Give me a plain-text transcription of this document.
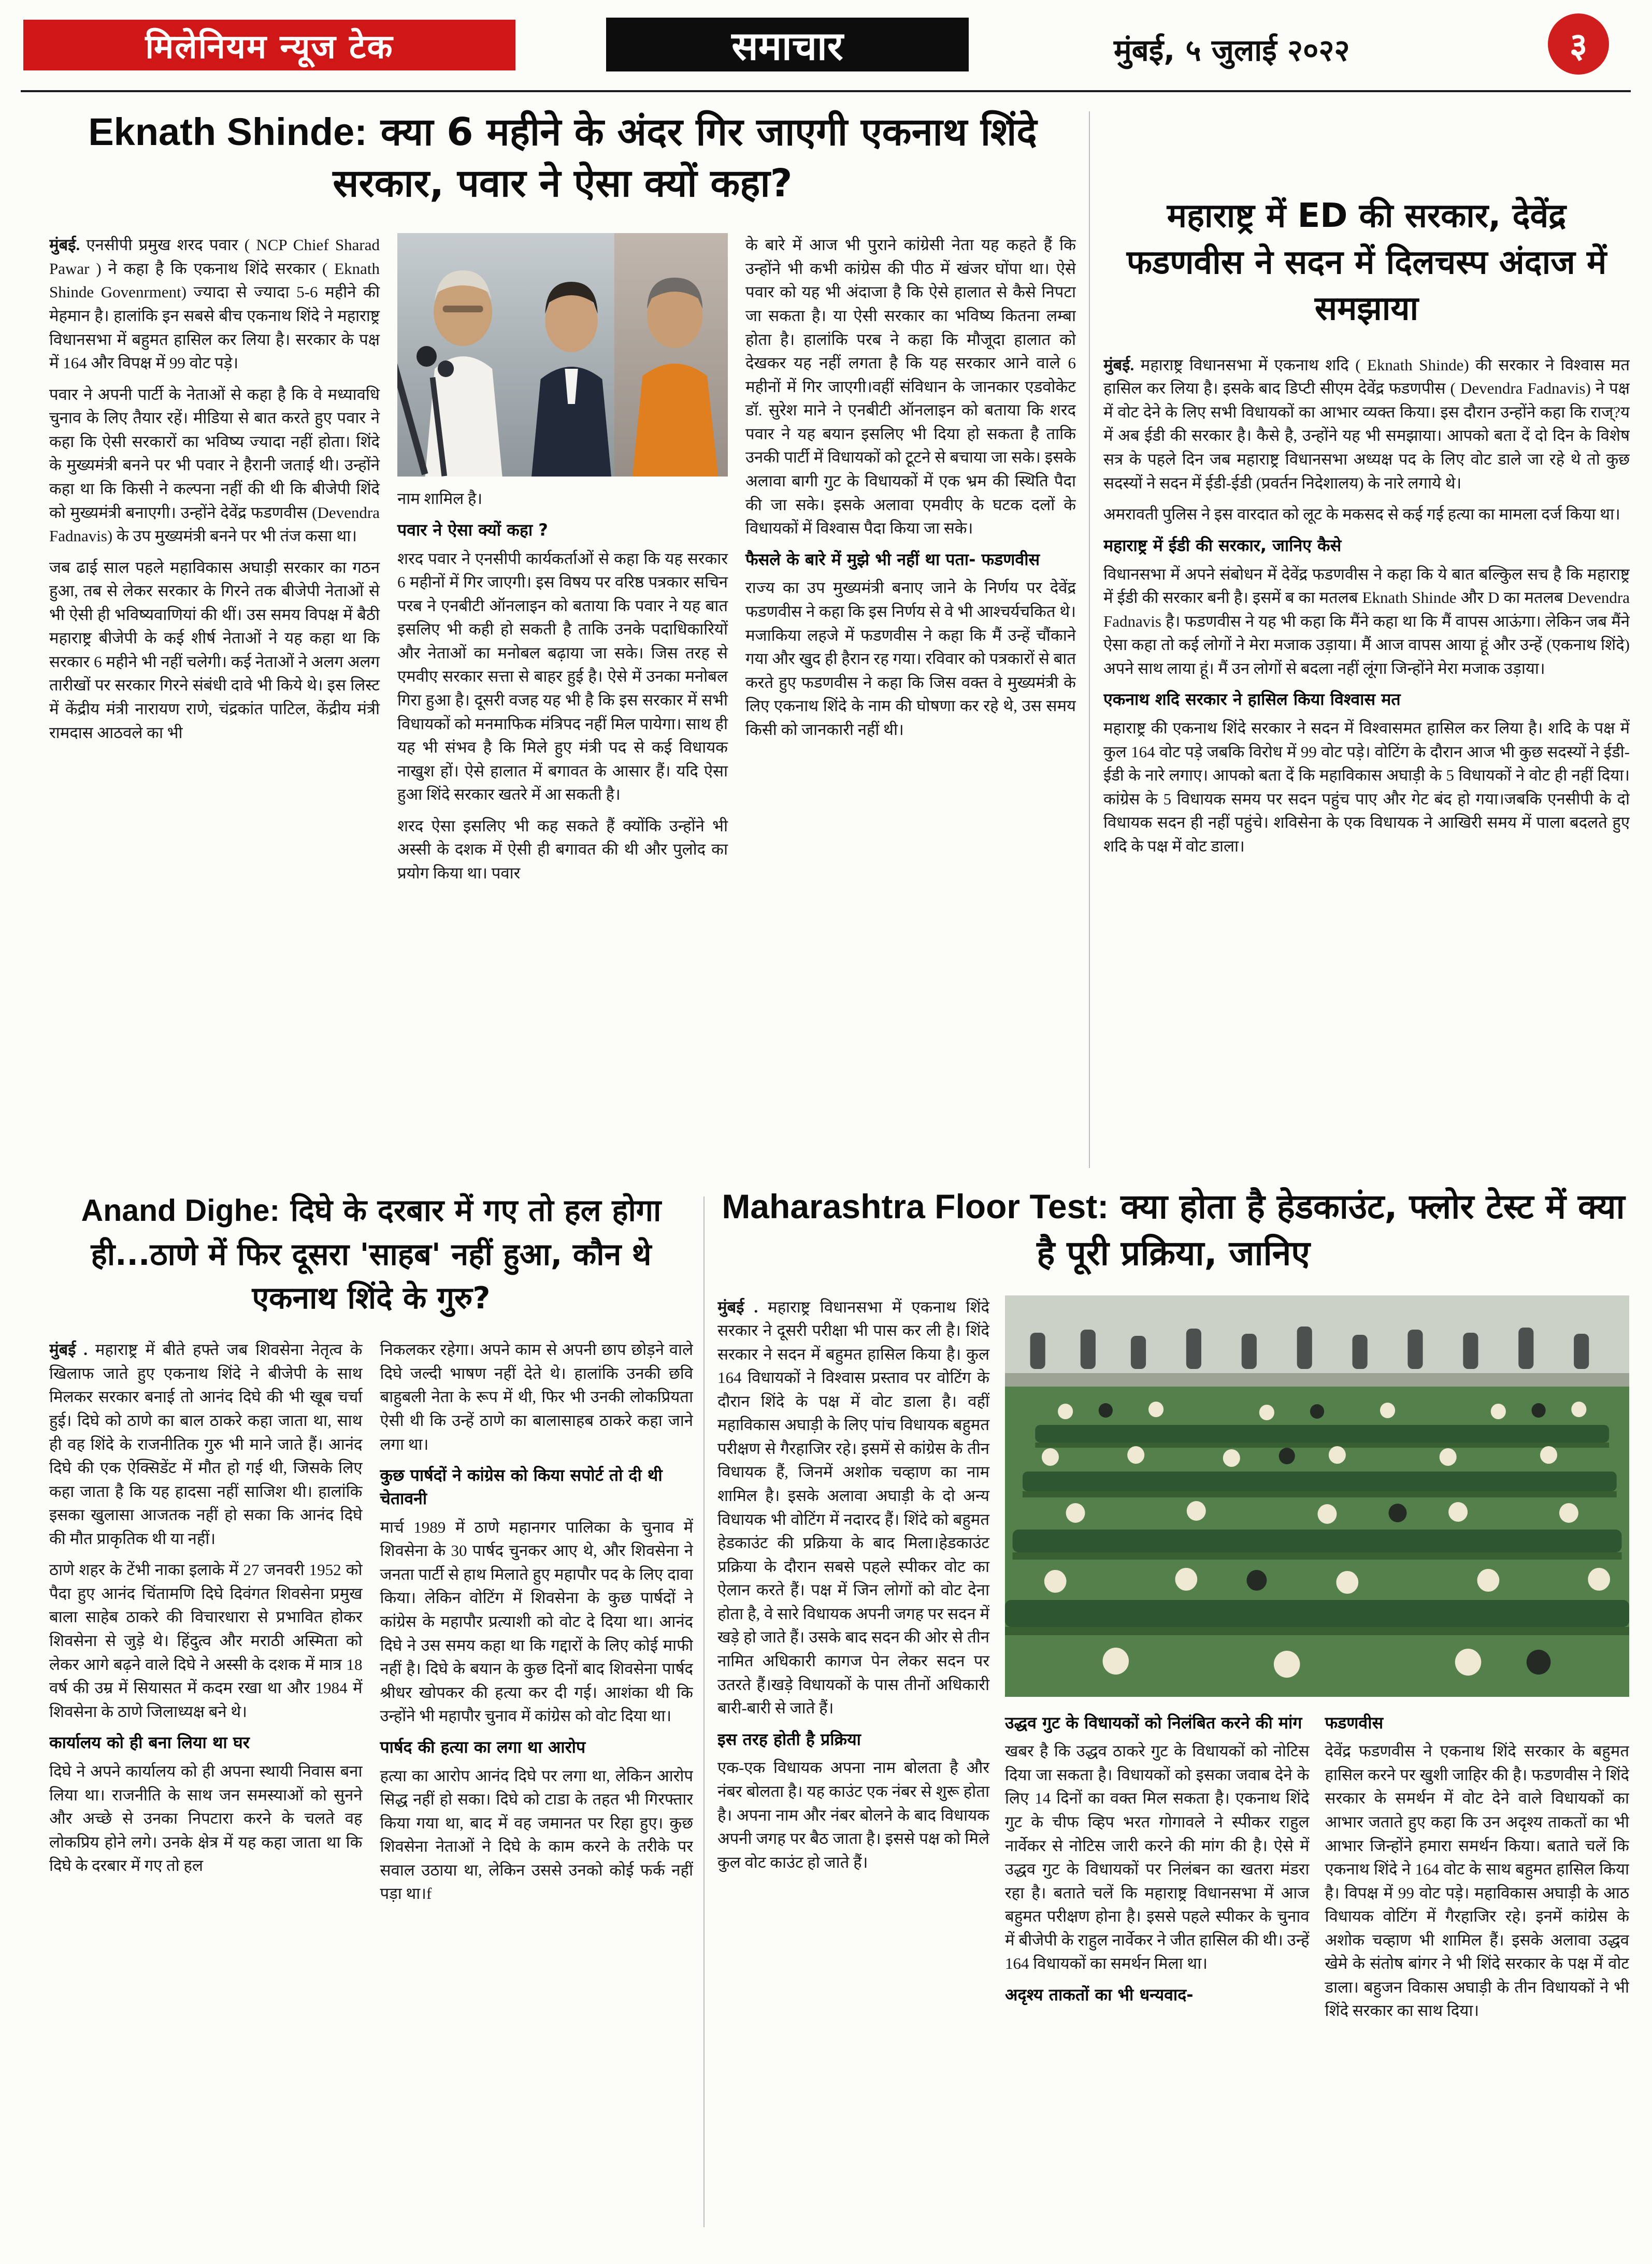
मिलेनियम न्यूज टेक	समाचार	मुंबई, ५ जुलाई २०२२	३
Eknath Shinde: क्या 6 महीने के अंदर गिर जाएगी एकनाथ शिंदे सरकार, पवार ने ऐसा क्यों कहा?

मुंबई. एनसीपी प्रमुख शरद पवार ( NCP Chief Sharad Pawar ) ने कहा है कि एकनाथ शिंदे सरकार ( Eknath Shinde Govenrment) ज्यादा से ज्यादा 5-6 महीने की मेहमान है। हालांकि इन सबसे बीच एकनाथ शिंदे ने महाराष्ट्र विधानसभा में बहुमत हासिल कर लिया है। सरकार के पक्ष में 164 और विपक्ष में 99 वोट पड़े।

पवार ने अपनी पार्टी के नेताओं से कहा है कि वे मध्यावधि चुनाव के लिए तैयार रहें। मीडिया से बात करते हुए पवार ने कहा कि ऐसी सरकारों का भविष्य ज्यादा नहीं होता। शिंदे के मुख्यमंत्री बनने पर भी पवार ने हैरानी जताई थी। उन्होंने कहा था कि किसी ने कल्पना नहीं की थी कि बीजेपी शिंदे को मुख्यमंत्री बनाएगी। उन्होंने देवेंद्र फडणवीस (Devendra Fadnavis) के उप मुख्यमंत्री बनने पर भी तंज कसा था।

जब ढाई साल पहले महाविकास अघाड़ी सरकार का गठन हुआ, तब से लेकर सरकार के गिरने तक बीजेपी नेताओं से भी ऐसी ही भविष्यवाणियां की थीं। उस समय विपक्ष में बैठी महाराष्ट्र बीजेपी के कई शीर्ष नेताओं ने यह कहा था कि सरकार 6 महीने भी नहीं चलेगी। कई नेताओं ने अलग अलग तारीखों पर सरकार गिरने संबंधी दावे भी किये थे। इस लिस्ट में केंद्रीय मंत्री नारायण राणे, चंद्रकांत पाटिल, केंद्रीय मंत्री रामदास आठवले का भी

नाम शामिल है।

पवार ने ऐसा क्यों कहा ?

शरद पवार ने एनसीपी कार्यकर्ताओं से कहा कि यह सरकार 6 महीनों में गिर जाएगी। इस विषय पर वरिष्ठ पत्रकार सचिन परब ने एनबीटी ऑनलाइन को बताया कि पवार ने यह बात इसलिए भी कही हो सकती है ताकि उनके पदाधिकारियों और नेताओं का मनोबल बढ़ाया जा सके। जिस तरह से एमवीए सरकार सत्ता से बाहर हुई है। ऐसे में उनका मनोबल गिरा हुआ है। दूसरी वजह यह भी है कि इस सरकार में सभी विधायकों को मनमाफिक मंत्रिपद नहीं मिल पायेगा। साथ ही यह भी संभव है कि मिले हुए मंत्री पद से कई विधायक नाखुश हों। ऐसे हालात में बगावत के आसार हैं। यदि ऐसा हुआ शिंदे सरकार खतरे में आ सकती है।

शरद ऐसा इसलिए भी कह सकते हैं क्योंकि उन्होंने भी अस्सी के दशक में ऐसी ही बगावत की थी और पुलोद का प्रयोग किया था। पवार

के बारे में आज भी पुराने कांग्रेसी नेता यह कहते हैं कि उन्होंने भी कभी कांग्रेस की पीठ में खंजर घोंपा था। ऐसे पवार को यह भी अंदाजा है कि ऐसे हालात से कैसे निपटा जा सकता है। या ऐसी सरकार का भविष्य कितना लम्बा होता है। हालांकि परब ने कहा कि मौजूदा हालात को देखकर यह नहीं लगता है कि यह सरकार आने वाले 6 महीनों में गिर जाएगी।वहीं संविधान के जानकार एडवोकेट डॉ. सुरेश माने ने एनबीटी ऑनलाइन को बताया कि शरद पवार ने यह बयान इसलिए भी दिया हो सकता है ताकि उनकी पार्टी में विधायकों को टूटने से बचाया जा सके। इसके अलावा बागी गुट के विधायकों में एक भ्रम की स्थिति पैदा की जा सके। इसके अलावा एमवीए के घटक दलों के विधायकों में विश्वास पैदा किया जा सके।

फैसले के बारे में मुझे भी नहीं था पता- फडणवीस

राज्य का उप मुख्यमंत्री बनाए जाने के निर्णय पर देवेंद्र फडणवीस ने कहा कि इस निर्णय से वे भी आश्चर्यचकित थे। मजाकिया लहजे में फडणवीस ने कहा कि मैं उन्हें चौंकाने गया और खुद ही हैरान रह गया। रविवार को पत्रकारों से बात करते हुए फडणवीस ने कहा कि जिस वक्त वे मुख्यमंत्री के लिए एकनाथ शिंदे के नाम की घोषणा कर रहे थे, उस समय किसी को जानकारी नहीं थी।

महाराष्ट्र में ED की सरकार, देवेंद्र फडणवीस ने सदन में दिलचस्प अंदाज में समझाया

मुंबई. महाराष्ट्र विधानसभा में एकनाथ शदि ( Eknath Shinde) की सरकार ने विश्वास मत हासिल कर लिया है। इसके बाद डिप्टी सीएम देवेंद्र फडणपीस ( Devendra Fadnavis) ने पक्ष में वोट देने के लिए सभी विधायकों का आभार व्यक्त किया। इस दौरान उन्होंने कहा कि राज्?य में अब ईडी की सरकार है। कैसे है, उन्होंने यह भी समझाया। आपको बता दें दो दिन के विशेष सत्र के पहले दिन जब महाराष्ट्र विधानसभा अध्यक्ष पद के लिए वोट डाले जा रहे थे तो कुछ सदस्यों ने सदन में ईडी-ईडी (प्रवर्तन निदेशालय) के नारे लगाये थे।

अमरावती पुलिस ने इस वारदात को लूट के मकसद से कई गई हत्या का मामला दर्ज किया था।

महाराष्ट्र में ईडी की सरकार, जानिए कैसे

विधानसभा में अपने संबोधन में देवेंद्र फडणवीस ने कहा कि ये बात बल्किुल सच है कि महाराष्ट्र में ईडी की सरकार बनी है। इसमें ब का मतलब Eknath Shinde और D का मतलब Devendra Fadnavis है। फडणवीस ने यह भी कहा कि मैंने कहा था कि मैं वापस आऊंगा। लेकिन जब मैंने ऐसा कहा तो कई लोगों ने मेरा मजाक उड़ाया। मैं आज वापस आया हूं और उन्हें (एकनाथ शिंदे) अपने साथ लाया हूं। मैं उन लोगों से बदला नहीं लूंगा जिन्होंने मेरा मजाक उड़ाया।

एकनाथ शदि सरकार ने हासिल किया विश्वास मत

महाराष्ट्र की एकनाथ शिंदे सरकार ने सदन में विश्वासमत हासिल कर लिया है। शदि के पक्ष में कुल 164 वोट पड़े जबकि विरोध में 99 वोट पड़े। वोटिंग के दौरान आज भी कुछ सदस्यों ने ईडी-ईडी के नारे लगाए। आपको बता दें कि महाविकास अघाड़ी के 5 विधायकों ने वोट ही नहीं दिया। कांग्रेस के 5 विधायक समय पर सदन पहुंच पाए और गेट बंद हो गया।जबकि एनसीपी के दो विधायक सदन ही नहीं पहुंचे। शविसेना के एक विधायक ने आखिरी समय में पाला बदलते हुए शदि के पक्ष में वोट डाला।

Anand Dighe: दिघे के दरबार में गए तो हल होगा ही...ठाणे में फिर दूसरा 'साहब' नहीं हुआ, कौन थे एकनाथ शिंदे के गुरु?

मुंबई . महाराष्ट्र में बीते हफ्ते जब शिवसेना नेतृत्व के खिलाफ जाते हुए एकनाथ शिंदे ने बीजेपी के साथ मिलकर सरकार बनाई तो आनंद दिघे की भी खूब चर्चा हुई। दिघे को ठाणे का बाल ठाकरे कहा जाता था, साथ ही वह शिंदे के राजनीतिक गुरु भी माने जाते हैं। आनंद दिघे की एक ऐक्सिडेंट में मौत हो गई थी, जिसके लिए कहा जाता है कि यह हादसा नहीं साजिश थी। हालांकि इसका खुलासा आजतक नहीं हो सका कि आनंद दिघे की मौत प्राकृतिक थी या नहीं।

ठाणे शहर के टेंभी नाका इलाके में 27 जनवरी 1952 को पैदा हुए आनंद चिंतामणि दिघे दिवंगत शिवसेना प्रमुख बाला साहेब ठाकरे की विचारधारा से प्रभावित होकर शिवसेना से जुड़े थे। हिंदुत्व और मराठी अस्मिता को लेकर आगे बढ़ने वाले दिघे ने अस्सी के दशक में मात्र 18 वर्ष की उम्र में सियासत में कदम रखा था और 1984 में शिवसेना के ठाणे जिलाध्यक्ष बने थे।

कार्यालय को ही बना लिया था घर

दिघे ने अपने कार्यालय को ही अपना स्थायी निवास बना लिया था। राजनीति के साथ जन समस्याओं को सुनने और अच्छे से उनका निपटारा करने के चलते वह लोकप्रिय होने लगे। उनके क्षेत्र में यह कहा जाता था कि दिघे के दरबार में गए तो हल

निकलकर रहेगा। अपने काम से अपनी छाप छोड़ने वाले दिघे जल्दी भाषण नहीं देते थे। हालांकि उनकी छवि बाहुबली नेता के रूप में थी, फिर भी उनकी लोकप्रियता ऐसी थी कि उन्हें ठाणे का बालासाहब ठाकरे कहा जाने लगा था।

कुछ पार्षदों ने कांग्रेस को किया सपोर्ट तो दी थी चेतावनी

मार्च 1989 में ठाणे महानगर पालिका के चुनाव में शिवसेना के 30 पार्षद चुनकर आए थे, और शिवसेना ने जनता पार्टी से हाथ मिलाते हुए महापौर पद के लिए दावा किया। लेकिन वोटिंग में शिवसेना के कुछ पार्षदों ने कांग्रेस के महापौर प्रत्याशी को वोट दे दिया था। आनंद दिघे ने उस समय कहा था कि गद्दारों के लिए कोई माफी नहीं है। दिघे के बयान के कुछ दिनों बाद शिवसेना पार्षद श्रीधर खोपकर की हत्या कर दी गई। आशंका थी कि उन्होंने भी महापौर चुनाव में कांग्रेस को वोट दिया था।

पार्षद की हत्या का लगा था आरोप

हत्या का आरोप आनंद दिघे पर लगा था, लेकिन आरोप सिद्ध नहीं हो सका। दिघे को टाडा के तहत भी गिरफ्तार किया गया था, बाद में वह जमानत पर रिहा हुए। कुछ शिवसेना नेताओं ने दिघे के काम करने के तरीके पर सवाल उठाया था, लेकिन उससे उनको कोई फर्क नहीं पड़ा था।f

Maharashtra Floor Test: क्या होता है हेडकाउंट, फ्लोर टेस्ट में क्या है पूरी प्रक्रिया, जानिए

मुंबई . महाराष्ट्र विधानसभा में एकनाथ शिंदे सरकार ने दूसरी परीक्षा भी पास कर ली है। शिंदे सरकार ने सदन में बहुमत हासिल किया है। कुल 164 विधायकों ने विश्वास प्रस्ताव पर वोटिंग के दौरान शिंदे के पक्ष में वोट डाला है। वहीं महाविकास अघाड़ी के लिए पांच विधायक बहुमत परीक्षण से गैरहाजिर रहे। इसमें से कांग्रेस के तीन विधायक हैं, जिनमें अशोक चव्हाण का नाम शामिल है। इसके अलावा अघाड़ी के दो अन्य विधायक भी वोटिंग में नदारद हैं। शिंदे को बहुमत हेडकाउंट की प्रक्रिया के बाद मिला।हेडकाउंट प्रक्रिया के दौरान सबसे पहले स्पीकर वोट का ऐलान करते हैं। पक्ष में जिन लोगों को वोट देना होता है, वे सारे विधायक अपनी जगह पर सदन में खड़े हो जाते हैं। उसके बाद सदन की ओर से तीन नामित अधिकारी कागज पेन लेकर सदन पर उतरते हैं।खड़े विधायकों के पास तीनों अधिकारी बारी-बारी से जाते हैं।

इस तरह होती है प्रक्रिया

एक-एक विधायक अपना नाम बोलता है और नंबर बोलता है। यह काउंट एक नंबर से शुरू होता है। अपना नाम और नंबर बोलने के बाद विधायक अपनी जगह पर बैठ जाता है। इससे पक्ष को मिले कुल वोट काउंट हो जाते हैं।

उद्धव गुट के विधायकों को निलंबित करने की मांग

खबर है कि उद्धव ठाकरे गुट के विधायकों को नोटिस दिया जा सकता है। विधायकों को इसका जवाब देने के लिए 14 दिनों का वक्त मिल सकता है। एकनाथ शिंदे गुट के चीफ व्हिप भरत गोगावले ने स्पीकर राहुल नार्वेकर से नोटिस जारी करने की मांग की है। ऐसे में उद्धव गुट के विधायकों पर निलंबन का खतरा मंडरा रहा है। बताते चलें कि महाराष्ट्र विधानसभा में आज बहुमत परीक्षण होना है। इससे पहले स्पीकर के चुनाव में बीजेपी के राहुल नार्वेकर ने जीत हासिल की थी। उन्हें 164 विधायकों का समर्थन मिला था।

अदृश्य ताकतों का भी धन्यवाद-

फडणवीस

देवेंद्र फडणवीस ने एकनाथ शिंदे सरकार के बहुमत हासिल करने पर खुशी जाहिर की है। फडणवीस ने शिंदे सरकार के समर्थन में वोट देने वाले विधायकों का आभार जताते हुए कहा कि उन अदृश्य ताकतों का भी आभार जिन्होंने हमारा समर्थन किया। बताते चलें कि एकनाथ शिंदे ने 164 वोट के साथ बहुमत हासिल किया है। विपक्ष में 99 वोट पड़े। महाविकास अघाड़ी के आठ विधायक वोटिंग में गैरहाजिर रहे। इनमें कांग्रेस के अशोक चव्हाण भी शामिल हैं। इसके अलावा उद्धव खेमे के संतोष बांगर ने भी शिंदे सरकार के पक्ष में वोट डाला। बहुजन विकास अघाड़ी के तीन विधायकों ने भी शिंदे सरकार का साथ दिया।
